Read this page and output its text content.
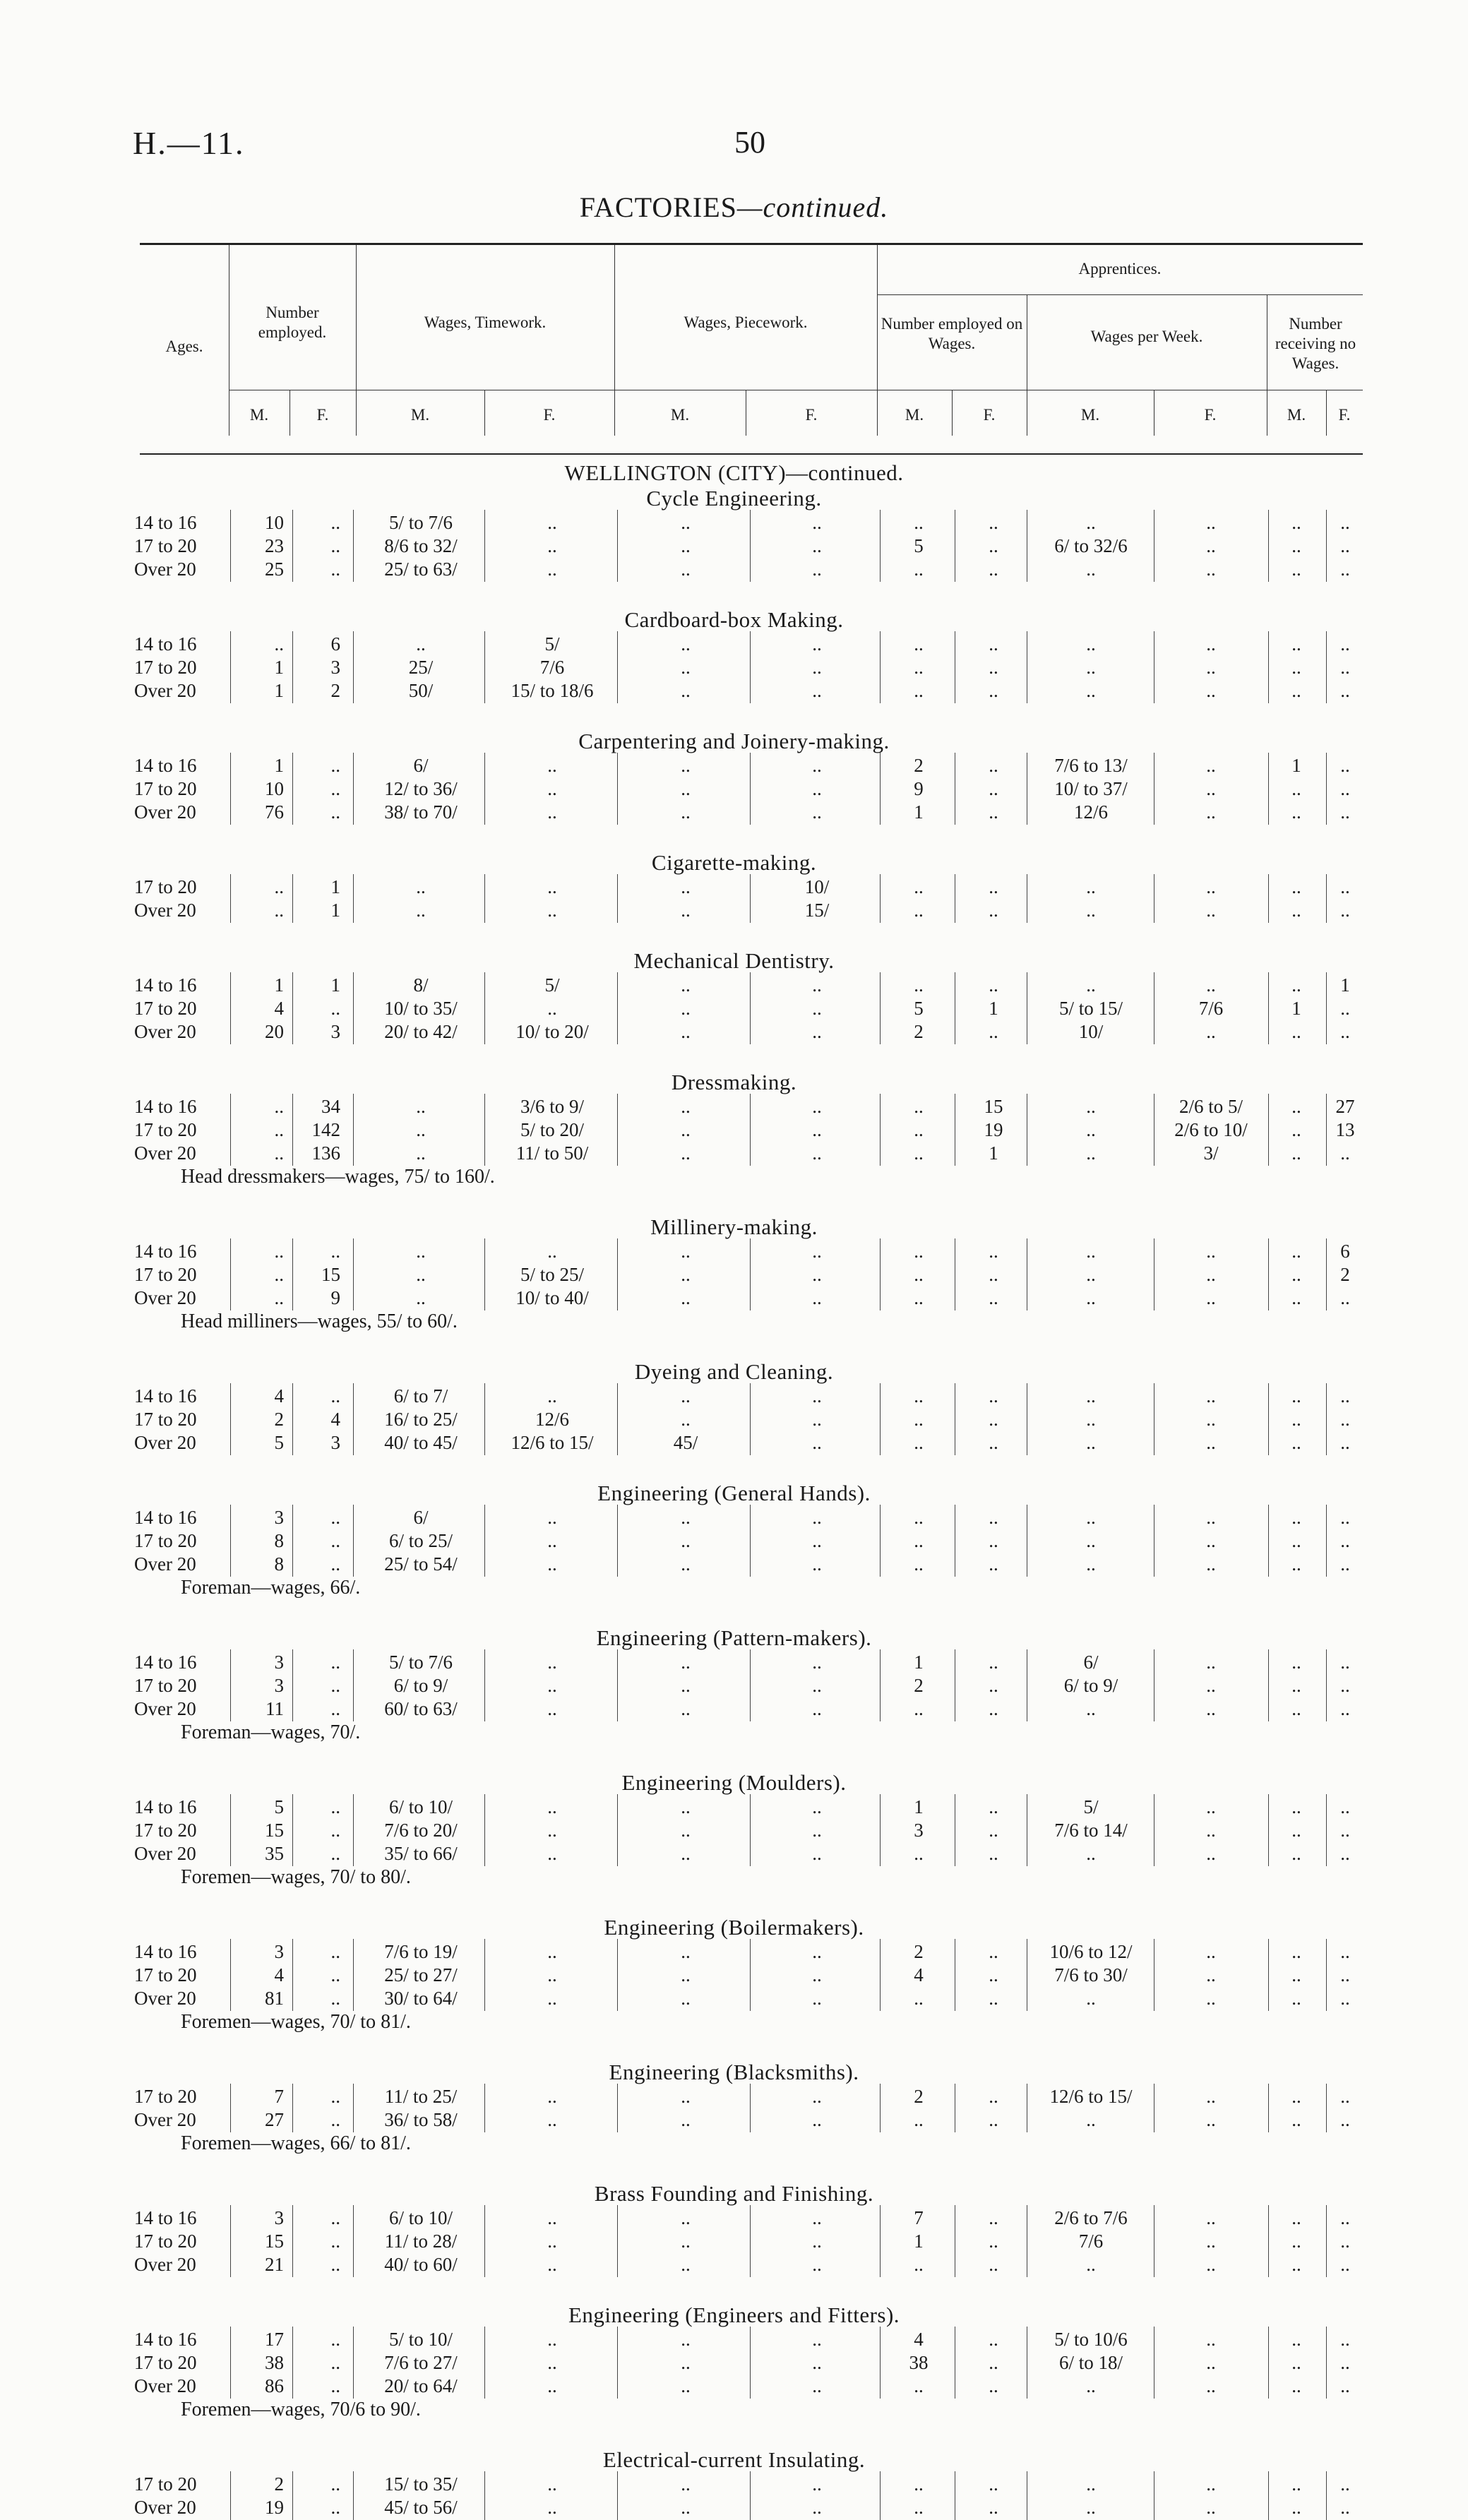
H.—11.	50
FACTORIES—continued.
Ages.
Number employed.
Wages, Timework.	Wages, Piecework.
Apprentices.
Number employed on Wages.	Wages per Week.
Number receiving no Wages.
M.	F.	M.	F.	M.	F.	M.	F.	M.	F.	M.	F.
WELLINGTON (CITY)—continued.
Cycle Engineering.
14 to 16	10	..	5/ to 7/6	..	..	..	..	..	..	..	..	..
17 to 20	23	..	8/6 to 32/	..	..	..	5	..	6/ to 32/6	..	..	..
Over 20	25	..	25/ to 63/	..	..	..	..	..	..	..	..	..
Cardboard-box Making.
14 to 16	..	6	..	5/	..	..	..	..	..	..	..	..
17 to 20	1	3	25/	7/6	..	..	..	..	..	..	..	..
Over 20	1	2	50/	15/ to 18/6	..	..	..	..	..	..	..	..
Carpentering and Joinery-making.
14 to 16	1	..	6/	..	..	..	2	..	7/6 to 13/	..	1	..
17 to 20	10	..	12/ to 36/	..	..	..	9	..	10/ to 37/	..	..	..
Over 20	76	..	38/ to 70/	..	..	..	1	..	12/6	..	..	..
Cigarette-making.
17 to 20	..	1	..	..	..	10/	..	..	..	..	..	..
Over 20	..	1	..	..	..	15/	..	..	..	..	..	..
Mechanical Dentistry.
14 to 16	1	1	8/	5/	..	..	..	..	..	..	..	1
17 to 20	4	..	10/ to 35/	..	..	..	5	1	5/ to 15/	7/6	1	..
Over 20	20	3	20/ to 42/	10/ to 20/	..	..	2	..	10/	..	..	..
Dressmaking.
14 to 16	..	34	..	3/6 to 9/	..	..	..	15	..	2/6 to 5/	..	27
17 to 20	..	142	..	5/ to 20/	..	..	..	19	..	2/6 to 10/	..	13
Over 20	..	136	..	11/ to 50/	..	..	..	1	..	3/	..	..
Head dressmakers—wages, 75/ to 160/.
Millinery-making.
14 to 16	..	..	..	..	..	..	..	..	..	..	..	6
17 to 20	..	15	..	5/ to 25/	..	..	..	..	..	..	..	2
Over 20	..	9	..	10/ to 40/	..	..	..	..	..	..	..	..
Head milliners—wages, 55/ to 60/.
Dyeing and Cleaning.
14 to 16	4	..	6/ to 7/	..	..	..	..	..	..	..	..	..
17 to 20	2	4	16/ to 25/	12/6	..	..	..	..	..	..	..	..
Over 20	5	3	40/ to 45/	12/6 to 15/	45/	..	..	..	..	..	..	..
Engineering (General Hands).
14 to 16	3	..	6/	..	..	..	..	..	..	..	..	..
17 to 20	8	..	6/ to 25/	..	..	..	..	..	..	..	..	..
Over 20	8	..	25/ to 54/	..	..	..	..	..	..	..	..	..
Foreman—wages, 66/.
Engineering (Pattern-makers).
14 to 16	3	..	5/ to 7/6	..	..	..	1	..	6/	..	..	..
17 to 20	3	..	6/ to 9/	..	..	..	2	..	6/ to 9/	..	..	..
Over 20	11	..	60/ to 63/	..	..	..	..	..	..	..	..	..
Foreman—wages, 70/.
Engineering (Moulders).
14 to 16	5	..	6/ to 10/	..	..	..	1	..	5/	..	..	..
17 to 20	15	..	7/6 to 20/	..	..	..	3	..	7/6 to 14/	..	..	..
Over 20	35	..	35/ to 66/	..	..	..	..	..	..	..	..	..
Foremen—wages, 70/ to 80/.
Engineering (Boilermakers).
14 to 16	3	..	7/6 to 19/	..	..	..	2	..	10/6 to 12/	..	..	..
17 to 20	4	..	25/ to 27/	..	..	..	4	..	7/6 to 30/	..	..	..
Over 20	81	..	30/ to 64/	..	..	..	..	..	..	..	..	..
Foremen—wages, 70/ to 81/.
Engineering (Blacksmiths).
17 to 20	7	..	11/ to 25/	..	..	..	2	..	12/6 to 15/	..	..	..
Over 20	27	..	36/ to 58/	..	..	..	..	..	..	..	..	..
Foremen—wages, 66/ to 81/.
Brass Founding and Finishing.
14 to 16	3	..	6/ to 10/	..	..	..	7	..	2/6 to 7/6	..	..	..
17 to 20	15	..	11/ to 28/	..	..	..	1	..	7/6	..	..	..
Over 20	21	..	40/ to 60/	..	..	..	..	..	..	..	..	..
Engineering (Engineers and Fitters).
14 to 16	17	..	5/ to 10/	..	..	..	4	..	5/ to 10/6	..	..	..
17 to 20	38	..	7/6 to 27/	..	..	..	38	..	6/ to 18/	..	..	..
Over 20	86	..	20/ to 64/	..	..	..	..	..	..	..	..	..
Foremen—wages, 70/6 to 90/.
Electrical-current Insulating.
17 to 20	2	..	15/ to 35/	..	..	..	..	..	..	..	..	..
Over 20	19	..	45/ to 56/	..	..	..	..	..	..	..	..	..
